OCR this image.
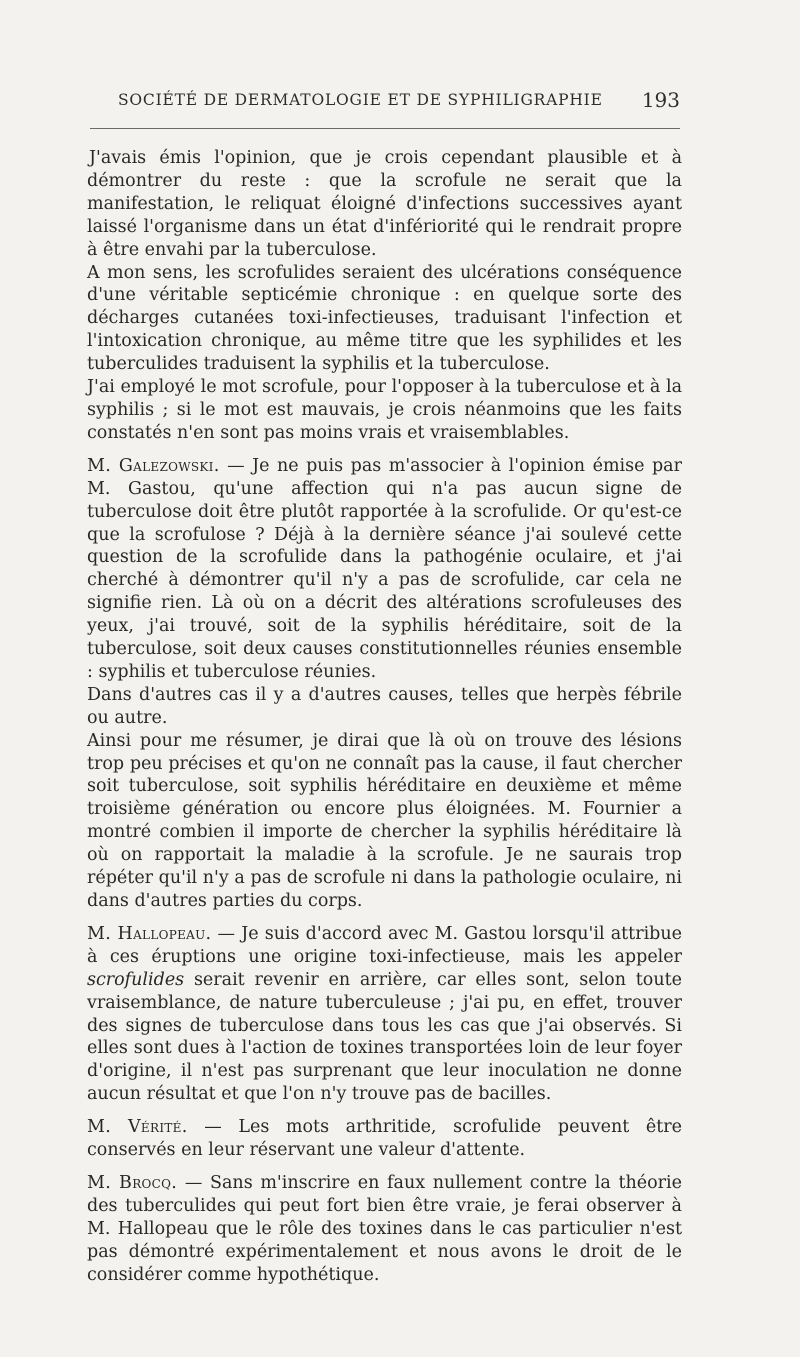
SOCIÉTÉ DE DERMATOLOGIE ET DE SYPHILIGRAPHIE 193

J'avais émis l'opinion, que je crois cependant plausible et à démontrer du reste : que la scrofule ne serait que la manifestation, le reliquat éloigné d'infections successives ayant laissé l'organisme dans un état d'infériorité qui le rendrait propre à être envahi par la tuberculose.

A mon sens, les scrofulides seraient des ulcérations conséquence d'une véritable septicémie chronique : en quelque sorte des décharges cutanées toxi-infectieuses, traduisant l'infection et l'intoxication chronique, au même titre que les syphilides et les tuberculides traduisent la syphilis et la tuberculose.

J'ai employé le mot scrofule, pour l'opposer à la tuberculose et à la syphilis ; si le mot est mauvais, je crois néanmoins que les faits constatés n'en sont pas moins vrais et vraisemblables.

M. Galezowski. — Je ne puis pas m'associer à l'opinion émise par M. Gastou, qu'une affection qui n'a pas aucun signe de tuberculose doit être plutôt rapportée à la scrofulide. Or qu'est-ce que la scrofulose ? Déjà à la dernière séance j'ai soulevé cette question de la scrofulide dans la pathogénie oculaire, et j'ai cherché à démontrer qu'il n'y a pas de scrofulide, car cela ne signifie rien. Là où on a décrit des altérations scrofuleuses des yeux, j'ai trouvé, soit de la syphilis héréditaire, soit de la tuberculose, soit deux causes constitutionnelles réunies ensemble : syphilis et tuberculose réunies.

Dans d'autres cas il y a d'autres causes, telles que herpès fébrile ou autre.

Ainsi pour me résumer, je dirai que là où on trouve des lésions trop peu précises et qu'on ne connaît pas la cause, il faut chercher soit tuberculose, soit syphilis héréditaire en deuxième et même troisième génération ou encore plus éloignées. M. Fournier a montré combien il importe de chercher la syphilis héréditaire là où on rapportait la maladie à la scrofule. Je ne saurais trop répéter qu'il n'y a pas de scrofule ni dans la pathologie oculaire, ni dans d'autres parties du corps.

M. Hallopeau. — Je suis d'accord avec M. Gastou lorsqu'il attribue à ces éruptions une origine toxi-infectieuse, mais les appeler scrofulides serait revenir en arrière, car elles sont, selon toute vraisemblance, de nature tuberculeuse ; j'ai pu, en effet, trouver des signes de tuberculose dans tous les cas que j'ai observés. Si elles sont dues à l'action de toxines transportées loin de leur foyer d'origine, il n'est pas surprenant que leur inoculation ne donne aucun résultat et que l'on n'y trouve pas de bacilles.

M. Vérité. — Les mots arthritide, scrofulide peuvent être conservés en leur réservant une valeur d'attente.

M. Brocq. — Sans m'inscrire en faux nullement contre la théorie des tuberculides qui peut fort bien être vraie, je ferai observer à M. Hallopeau que le rôle des toxines dans le cas particulier n'est pas démontré expérimentalement et nous avons le droit de le considérer comme hypothétique.
